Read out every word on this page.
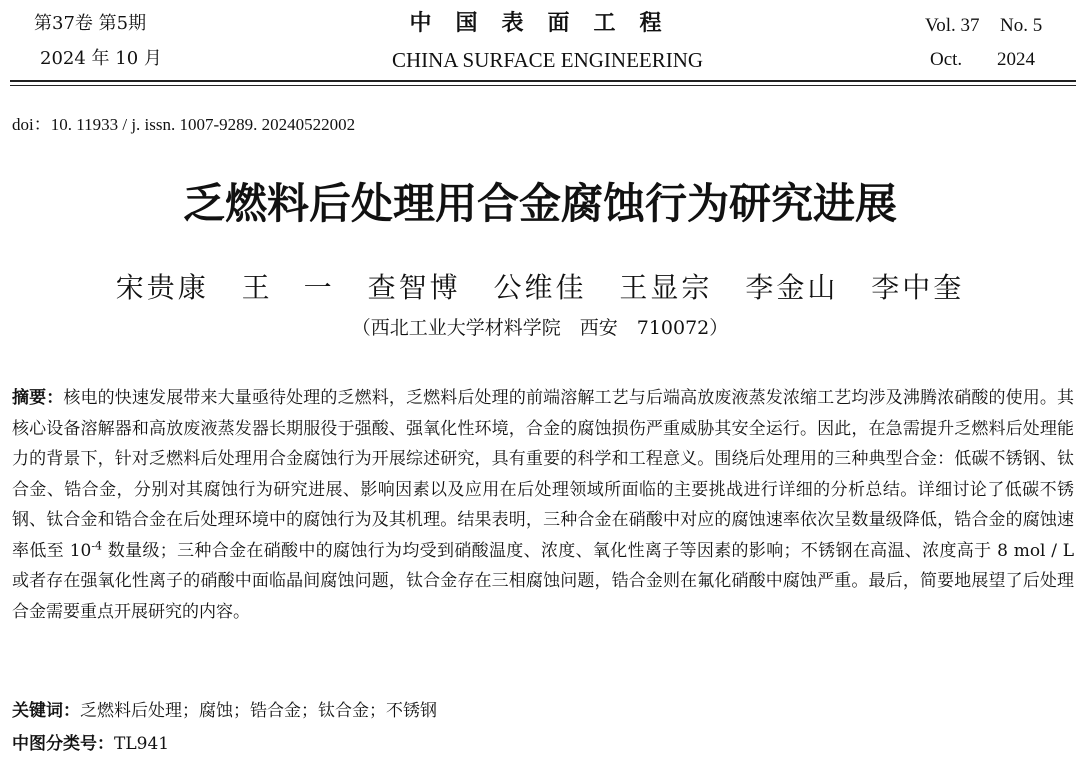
第37卷 第5期
2024 年 10 月
中国表面工程
CHINA SURFACE ENGINEERING
Vol. 37 No. 5
Oct. 2024
doi：10. 11933 / j. issn. 1007-9289. 20240522002
乏燃料后处理用合金腐蚀行为研究进展
宋贵康 王　一 查智博 公维佳 王显宗 李金山 李中奎
（西北工业大学材料学院　西安　710072）
摘要：核电的快速发展带来大量亟待处理的乏燃料，乏燃料后处理的前端溶解工艺与后端高放废液蒸发浓缩工艺均涉及沸腾浓硝酸的使用。其核心设备溶解器和高放废液蒸发器长期服役于强酸、强氧化性环境，合金的腐蚀损伤严重威胁其安全运行。因此，在急需提升乏燃料后处理能力的背景下，针对乏燃料后处理用合金腐蚀行为开展综述研究，具有重要的科学和工程意义。围绕后处理用的三种典型合金：低碳不锈钢、钛合金、锆合金，分别对其腐蚀行为研究进展、影响因素以及应用在后处理领域所面临的主要挑战进行详细的分析总结。详细讨论了低碳不锈钢、钛合金和锆合金在后处理环境中的腐蚀行为及其机理。结果表明，三种合金在硝酸中对应的腐蚀速率依次呈数量级降低，锆合金的腐蚀速率低至 $10^{-4}$ 数量级；三种合金在硝酸中的腐蚀行为均受到硝酸温度、浓度、氧化性离子等因素的影响；不锈钢在高温、浓度高于 8 mol / L 或者存在强氧化性离子的硝酸中面临晶间腐蚀问题，钛合金存在三相腐蚀问题，锆合金则在氟化硝酸中腐蚀严重。最后，简要地展望了后处理合金需要重点开展研究的内容。
关键词：乏燃料后处理；腐蚀；锆合金；钛合金；不锈钢
中图分类号：TL941
